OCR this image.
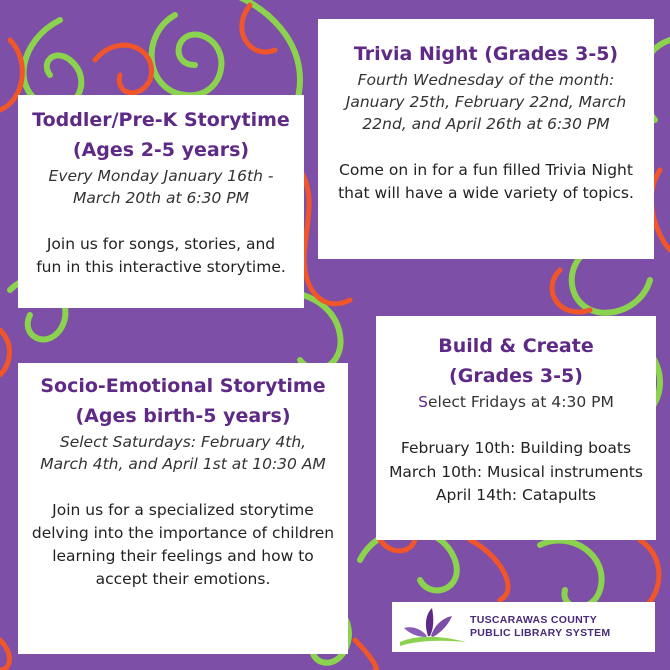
Toddler/Pre-K Storytime
(Ages 2-5 years)

Every Monday January 16th -

March 20th at 6:30 PM

Join us for songs, stories, and

fun in this interactive storytime.

Trivia Night (Grades 3-5)

Fourth Wednesday of the month:

January 25th, February 22nd, March

22nd, and April 26th at 6:30 PM

Come on in for a fun filled Trivia Night

that will have a wide variety of topics.

Build & Create
(Grades 3-5)

Select Fridays at 4:30 PM

February 10th: Building boats

March 10th: Musical instruments

April 14th: Catapults

Socio-Emotional Storytime
(Ages birth-5 years)

Select Saturdays: February 4th,

March 4th, and April 1st at 10:30 AM

Join us for a specialized storytime

delving into the importance of children

learning their feelings and how to

accept their emotions.

TUSCARAWAS COUNTY
PUBLIC LIBRARY SYSTEM
